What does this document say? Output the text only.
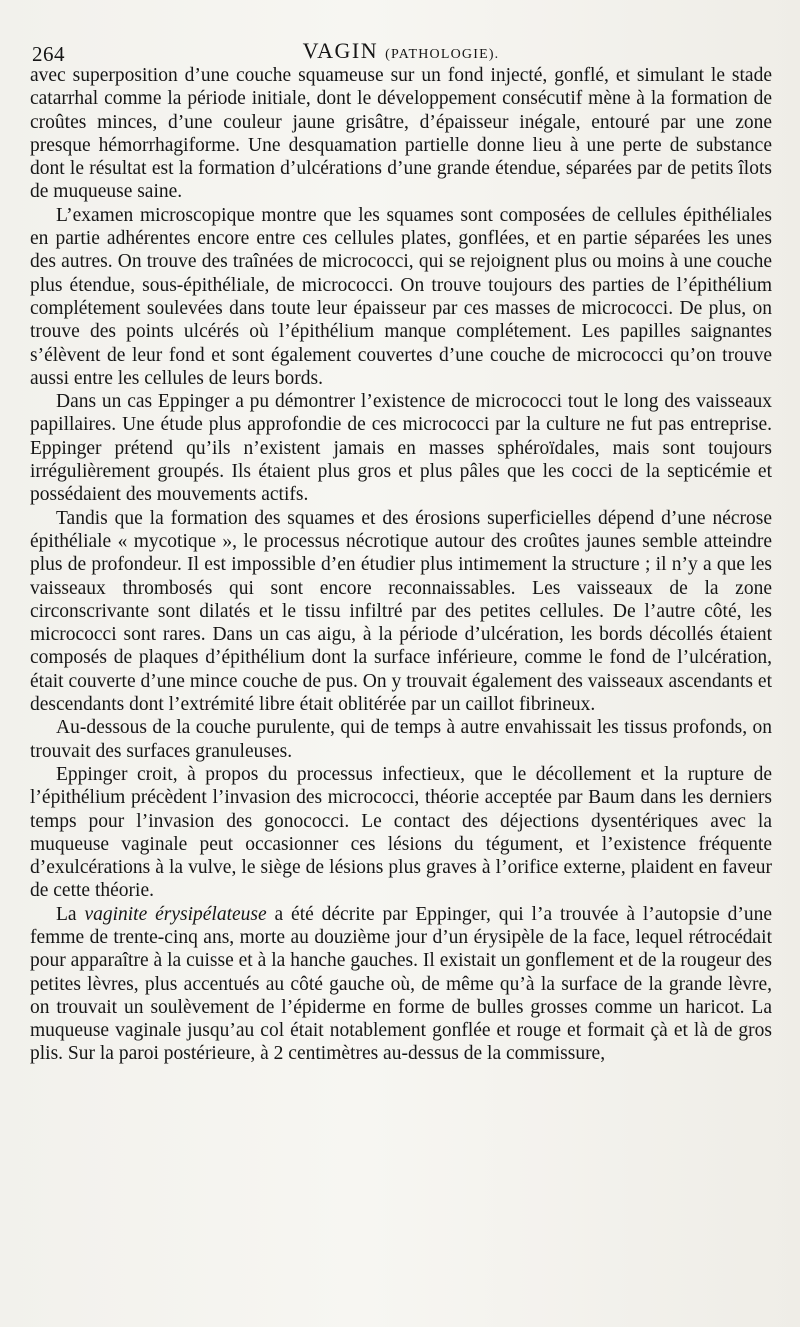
264	VAGIN (PATHOLOGIE).

avec superposition d’une couche squameuse sur un fond injecté, gonflé, et simulant le stade catarrhal comme la période initiale, dont le développement consécutif mène à la formation de croûtes minces, d’une couleur jaune grisâtre, d’épaisseur inégale, entouré par une zone presque hémorrhagiforme. Une desquamation partielle donne lieu à une perte de substance dont le résultat est la formation d’ulcérations d’une grande étendue, séparées par de petits îlots de muqueuse saine.

L’examen microscopique montre que les squames sont composées de cellules épithéliales en partie adhérentes encore entre ces cellules plates, gonflées, et en partie séparées les unes des autres. On trouve des traînées de micrococci, qui se rejoignent plus ou moins à une couche plus étendue, sous-épithéliale, de micrococci. On trouve toujours des parties de l’épithélium complétement soulevées dans toute leur épaisseur par ces masses de micrococci. De plus, on trouve des points ulcérés où l’épithélium manque complétement. Les papilles saignantes s’élèvent de leur fond et sont également couvertes d’une couche de micrococci qu’on trouve aussi entre les cellules de leurs bords.

Dans un cas Eppinger a pu démontrer l’existence de micrococci tout le long des vaisseaux papillaires. Une étude plus approfondie de ces micrococci par la culture ne fut pas entreprise. Eppinger prétend qu’ils n’existent jamais en masses sphéroïdales, mais sont toujours irrégulièrement groupés. Ils étaient plus gros et plus pâles que les cocci de la septicémie et possédaient des mouvements actifs.

Tandis que la formation des squames et des érosions superficielles dépend d’une nécrose épithéliale « mycotique », le processus nécrotique autour des croûtes jaunes semble atteindre plus de profondeur. Il est impossible d’en étudier plus intimement la structure ; il n’y a que les vaisseaux thrombosés qui sont encore reconnaissables. Les vaisseaux de la zone circonscrivante sont dilatés et le tissu infiltré par des petites cellules. De l’autre côté, les micrococci sont rares. Dans un cas aigu, à la période d’ulcération, les bords décollés étaient composés de plaques d’épithélium dont la surface inférieure, comme le fond de l’ulcération, était couverte d’une mince couche de pus. On y trouvait également des vaisseaux ascendants et descendants dont l’extrémité libre était oblitérée par un caillot fibrineux.

Au-dessous de la couche purulente, qui de temps à autre envahissait les tissus profonds, on trouvait des surfaces granuleuses.

Eppinger croit, à propos du processus infectieux, que le décollement et la rupture de l’épithélium précèdent l’invasion des micrococci, théorie acceptée par Baum dans les derniers temps pour l’invasion des gonococci. Le contact des déjections dysentériques avec la muqueuse vaginale peut occasionner ces lésions du tégument, et l’existence fréquente d’exulcérations à la vulve, le siège de lésions plus graves à l’orifice externe, plaident en faveur de cette théorie.

La vaginite érysipélateuse a été décrite par Eppinger, qui l’a trouvée à l’autopsie d’une femme de trente-cinq ans, morte au douzième jour d’un érysipèle de la face, lequel rétrocédait pour apparaître à la cuisse et à la hanche gauches. Il existait un gonflement et de la rougeur des petites lèvres, plus accentués au côté gauche où, de même qu’à la surface de la grande lèvre, on trouvait un soulèvement de l’épiderme en forme de bulles grosses comme un haricot. La muqueuse vaginale jusqu’au col était notablement gonflée et rouge et formait çà et là de gros plis. Sur la paroi postérieure, à 2 centimètres au-dessus de la commissure,
